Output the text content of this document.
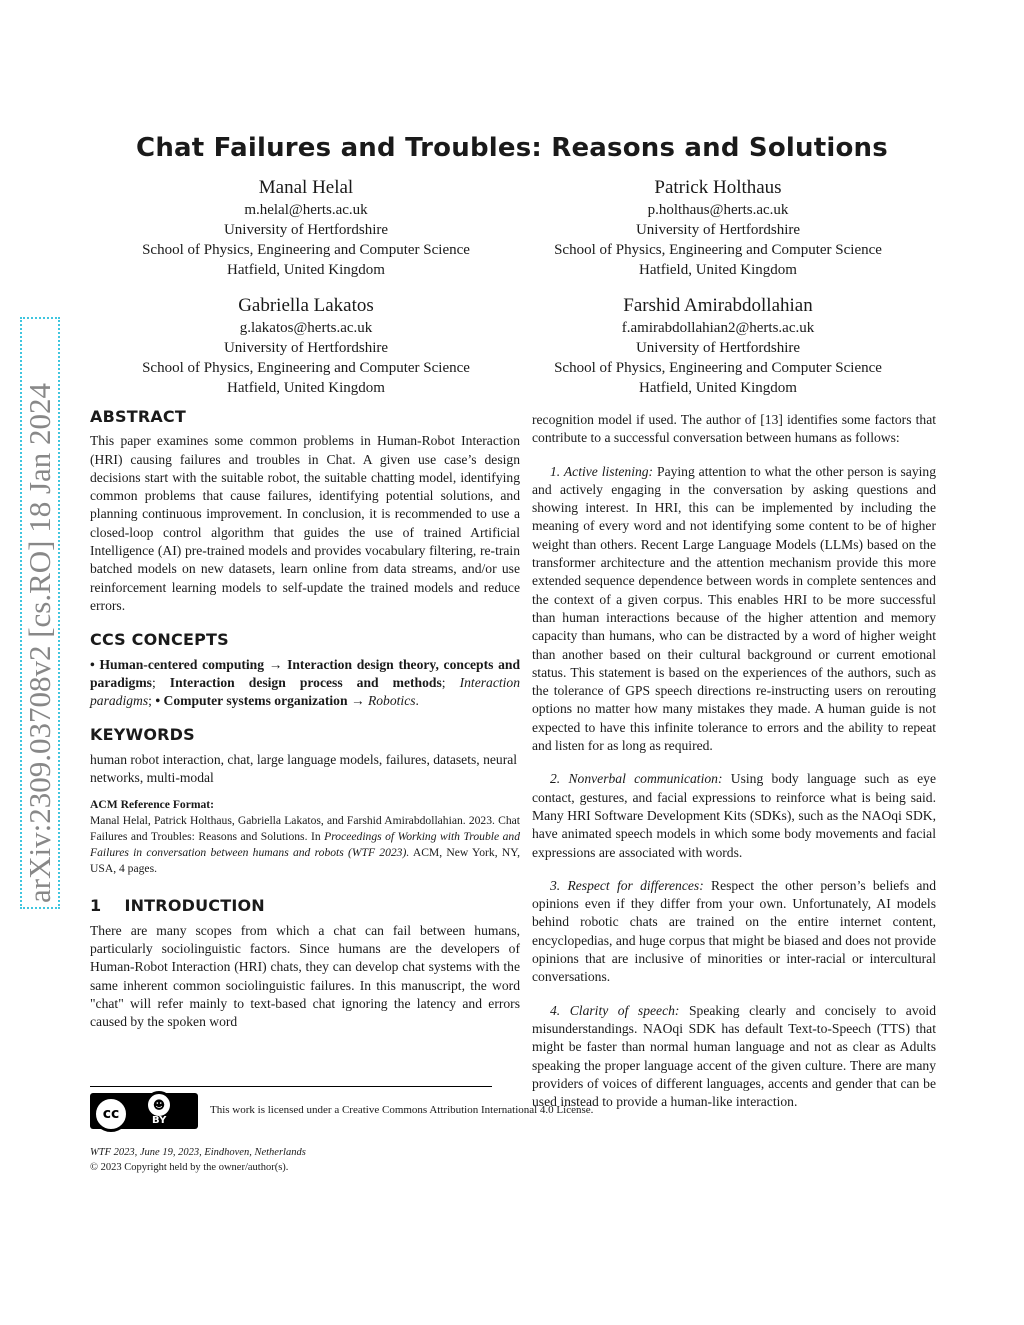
arXiv:2309.03708v2 [cs.RO] 18 Jan 2024
Chat Failures and Troubles: Reasons and Solutions
Manal Helal
m.helal@herts.ac.uk
University of Hertfordshire
School of Physics, Engineering and Computer Science
Hatfield, United Kingdom
Patrick Holthaus
p.holthaus@herts.ac.uk
University of Hertfordshire
School of Physics, Engineering and Computer Science
Hatfield, United Kingdom
Gabriella Lakatos
g.lakatos@herts.ac.uk
University of Hertfordshire
School of Physics, Engineering and Computer Science
Hatfield, United Kingdom
Farshid Amirabdollahian
f.amirabdollahian2@herts.ac.uk
University of Hertfordshire
School of Physics, Engineering and Computer Science
Hatfield, United Kingdom
ABSTRACT

This paper examines some common problems in Human-Robot Interaction (HRI) causing failures and troubles in Chat. A given use case’s design decisions start with the suitable robot, the suitable chatting model, identifying common problems that cause failures, identifying potential solutions, and planning continuous improvement. In conclusion, it is recommended to use a closed-loop control algorithm that guides the use of trained Artificial Intelligence (AI) pre-trained models and provides vocabulary filtering, re-train batched models on new datasets, learn online from data streams, and/or use reinforcement learning models to self-update the trained models and reduce errors.

CCS CONCEPTS

• Human-centered computing → Interaction design theory, concepts and paradigms; Interaction design process and methods; Interaction paradigms; • Computer systems organization → Robotics.

KEYWORDS

human robot interaction, chat, large language models, failures, datasets, neural networks, multi-modal

ACM Reference Format:
Manal Helal, Patrick Holthaus, Gabriella Lakatos, and Farshid Amirabdollahian. 2023. Chat Failures and Troubles: Reasons and Solutions. In Proceedings of Working with Trouble and Failures in conversation between humans and robots (WTF 2023). ACM, New York, NY, USA, 4 pages.
1 INTRODUCTION

There are many scopes from which a chat can fail between humans, particularly sociolinguistic factors. Since humans are the developers of Human-Robot Interaction (HRI) chats, they can develop chat systems with the same inherent common sociolinguistic failures. In this manuscript, the word "chat" will refer mainly to text-based chat ignoring the latency and errors caused by the spoken word

recognition model if used. The author of [13] identifies some factors that contribute to a successful conversation between humans as follows:

1. Active listening: Paying attention to what the other person is saying and actively engaging in the conversation by asking questions and showing interest. In HRI, this can be implemented by including the meaning of every word and not identifying some content to be of higher weight than others. Recent Large Language Models (LLMs) based on the transformer architecture and the attention mechanism provide this more extended sequence dependence between words in complete sentences and the context of a given corpus. This enables HRI to be more successful than human interactions because of the higher attention and memory capacity than humans, who can be distracted by a word of higher weight than another based on their cultural background or current emotional status. This statement is based on the experiences of the authors, such as the tolerance of GPS speech directions re-instructing users on rerouting options no matter how many mistakes they made. A human guide is not expected to have this infinite tolerance to errors and the ability to repeat and listen for as long as required.

2. Nonverbal communication: Using body language such as eye contact, gestures, and facial expressions to reinforce what is being said. Many HRI Software Development Kits (SDKs), such as the NAOqi SDK, have animated speech models in which some body movements and facial expressions are associated with words.

3. Respect for differences: Respect the other person’s beliefs and opinions even if they differ from your own. Unfortunately, AI models behind robotic chats are trained on the entire internet content, encyclopedias, and huge corpus that might be biased and does not provide opinions that are inclusive of minorities or inter-racial or intercultural conversations.

4. Clarity of speech: Speaking clearly and concisely to avoid misunderstandings. NAOqi SDK has default Text-to-Speech (TTS) that might be faster than normal human language and not as clear as Adults speaking the proper language accent of the given culture. There are many providers of voices of different languages, accents and gender that can be used instead to provide a human-like interaction.

cc
☻
BY
This work is licensed under a Creative Commons Attribution International 4.0 License.
WTF 2023, June 19, 2023, Eindhoven, Netherlands
© 2023 Copyright held by the owner/author(s).
